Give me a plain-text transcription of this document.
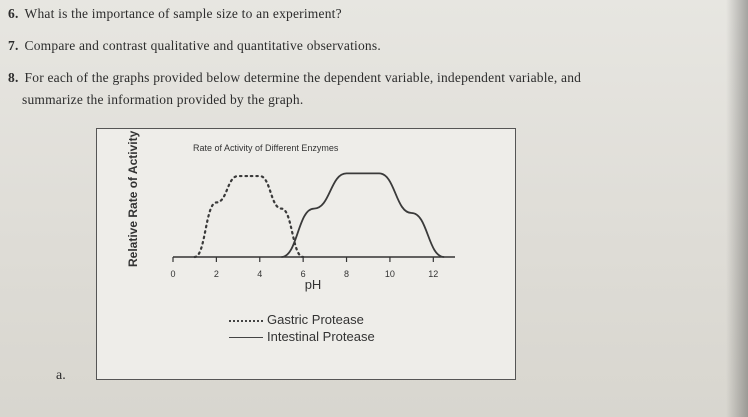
6. What is the importance of sample size to an experiment?
7. Compare and contrast qualitative and quantitative observations.
8. For each of the graphs provided below determine the dependent variable, independent variable, and
summarize the information provided by the graph.
Rate of Activity of Different Enzymes
Relative Rate of Activity
pH
0	2	4	6	8	10	12
Gastric Protease
Intestinal Protease
a.
